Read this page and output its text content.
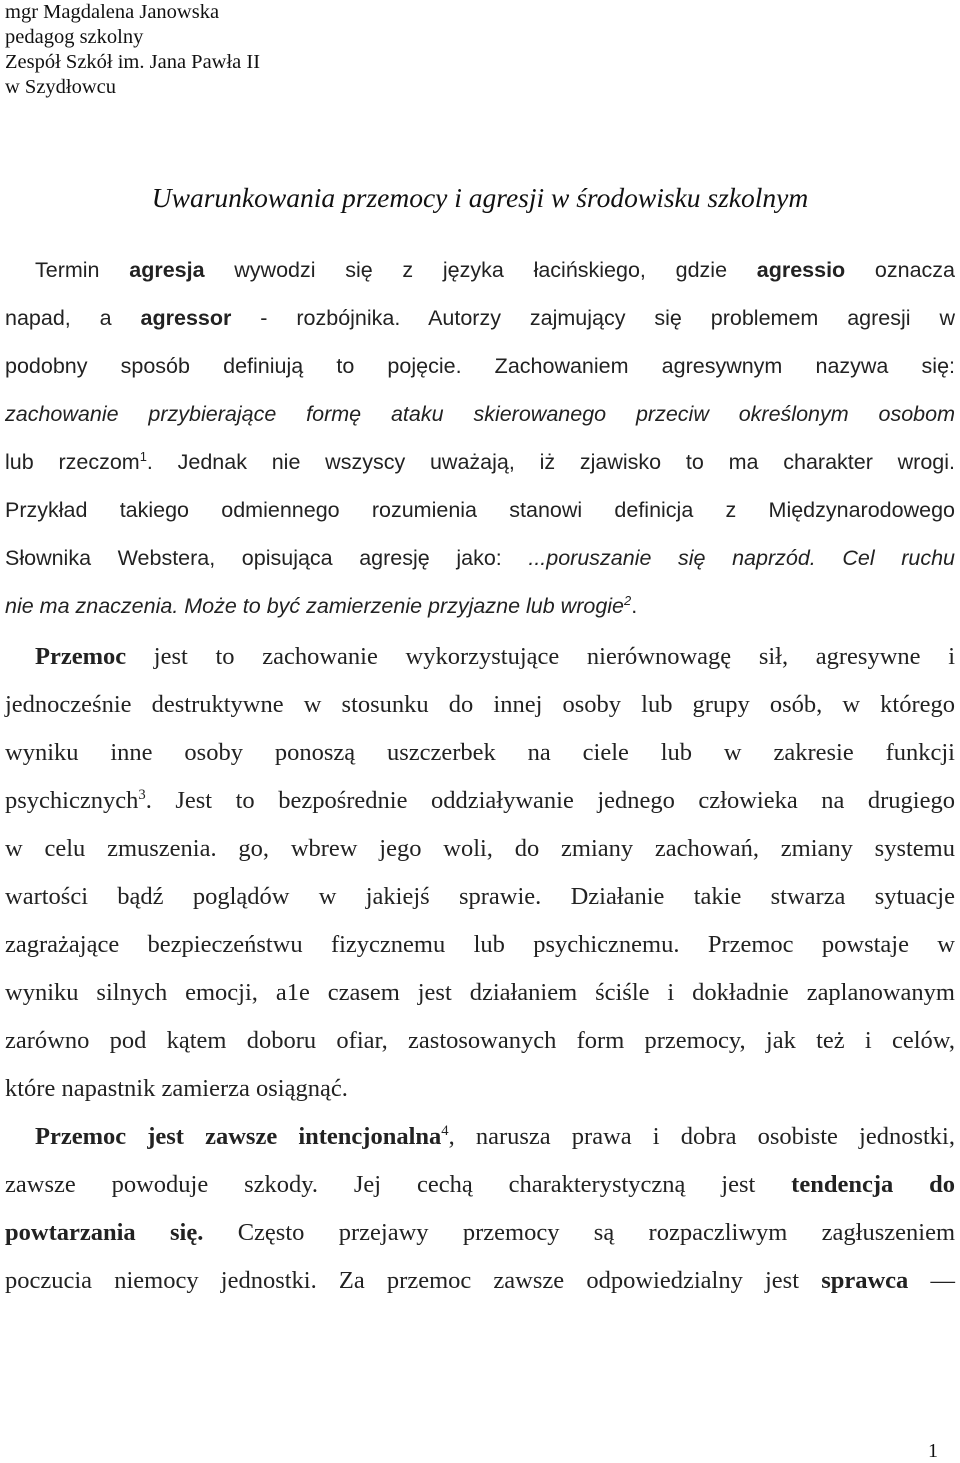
mgr Magdalena Janowska
pedagog szkolny
Zespół Szkół im. Jana Pawła II
w Szydłowcu
Uwarunkowania przemocy i agresji w środowisku szkolnym
Termin agresja wywodzi się z języka łacińskiego, gdzie agressio oznacza
napad, a agressor - rozbójnika. Autorzy zajmujący się problemem agresji w
podobny sposób definiują to pojęcie. Zachowaniem agresywnym nazywa się:
zachowanie przybierające formę ataku skierowanego przeciw określonym osobom
lub rzeczom$^1$. Jednak nie wszyscy uważają, iż zjawisko to ma charakter wrogi.
Przykład takiego odmiennego rozumienia stanowi definicja z Międzynarodowego
Słownika Webstera, opisująca agresję jako: ...poruszanie się naprzód. Cel ruchu
nie ma znaczenia. Może to być zamierzenie przyjazne lub wrogie$^2$.
Przemoc jest to zachowanie wykorzystujące nierównowagę sił, agresywne i
jednocześnie destruktywne w stosunku do innej osoby lub grupy osób, w którego
wyniku inne osoby ponoszą uszczerbek na ciele lub w zakresie funkcji
psychicznych$^3$. Jest to bezpośrednie oddziaływanie jednego człowieka na drugiego
w celu zmuszenia. go, wbrew jego woli, do zmiany zachowań, zmiany systemu
wartości bądź poglądów w jakiejś sprawie. Działanie takie stwarza sytuacje
zagrażające bezpieczeństwu fizycznemu lub psychicznemu. Przemoc powstaje w
wyniku silnych emocji, a1e czasem jest działaniem ściśle i dokładnie zaplanowanym
zarówno pod kątem doboru ofiar, zastosowanych form przemocy, jak też i celów,
które napastnik zamierza osiągnąć.
Przemoc jest zawsze intencjonalna$^4$, narusza prawa i dobra osobiste jednostki,
zawsze powoduje szkody. Jej cechą charakterystyczną jest tendencja do
powtarzania się. Często przejawy przemocy są rozpaczliwym zagłuszeniem
poczucia niemocy jednostki. Za przemoc zawsze odpowiedzialny jest sprawca —
1
